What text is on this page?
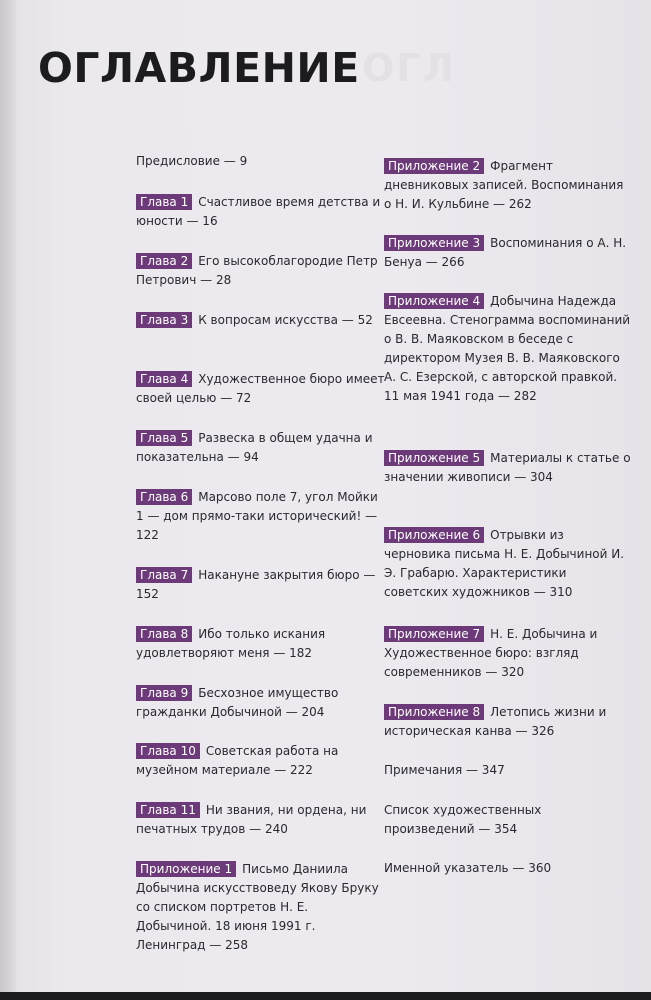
ОГЛ
ОГЛАВЛЕНИЕ

Предисловие — 9

Глава 1 Счастливое время детства и юности — 16

Глава 2 Его высокоблагородие Петр Петрович — 28

Глава 3 К вопросам искусства — 52

Глава 4 Художественное бюро имеет своей целью — 72

Глава 5 Развеска в общем удачна и показательна — 94

Глава 6 Марсово поле 7, угол Мойки 1 — дом прямо-таки исторический! — 122

Глава 7 Накануне закрытия бюро — 152

Глава 8 Ибо только искания удовлетворяют меня — 182

Глава 9 Бесхозное имущество гражданки Добычиной — 204

Глава 10 Советская работа на музейном материале — 222

Глава 11 Ни звания, ни ордена, ни печатных трудов — 240

Приложение 1 Письмо Даниила Добычина искусствоведу Якову Бруку со списком портретов Н. Е. Добычиной. 18 июня 1991 г. Ленинград — 258

Приложение 2 Фрагмент дневниковых записей. Воспоминания о Н. И. Кульбине — 262

Приложение 3 Воспоминания о А. Н. Бенуа — 266

Приложение 4 Добычина Надежда Евсеевна. Стенограмма воспоминаний о В. В. Маяковском в беседе с директором Музея В. В. Маяковского А. С. Езерской, с авторской правкой. 11 мая 1941 года — 282

Приложение 5 Материалы к статье о значении живописи — 304

Приложение 6 Отрывки из черновика письма Н. Е. Добычиной И. Э. Грабарю. Характеристики советских художников — 310

Приложение 7 Н. Е. Добычина и Художественное бюро: взгляд современников — 320

Приложение 8 Летопись жизни и историческая канва — 326

Примечания — 347

Список художественных произведений — 354

Именной указатель — 360
